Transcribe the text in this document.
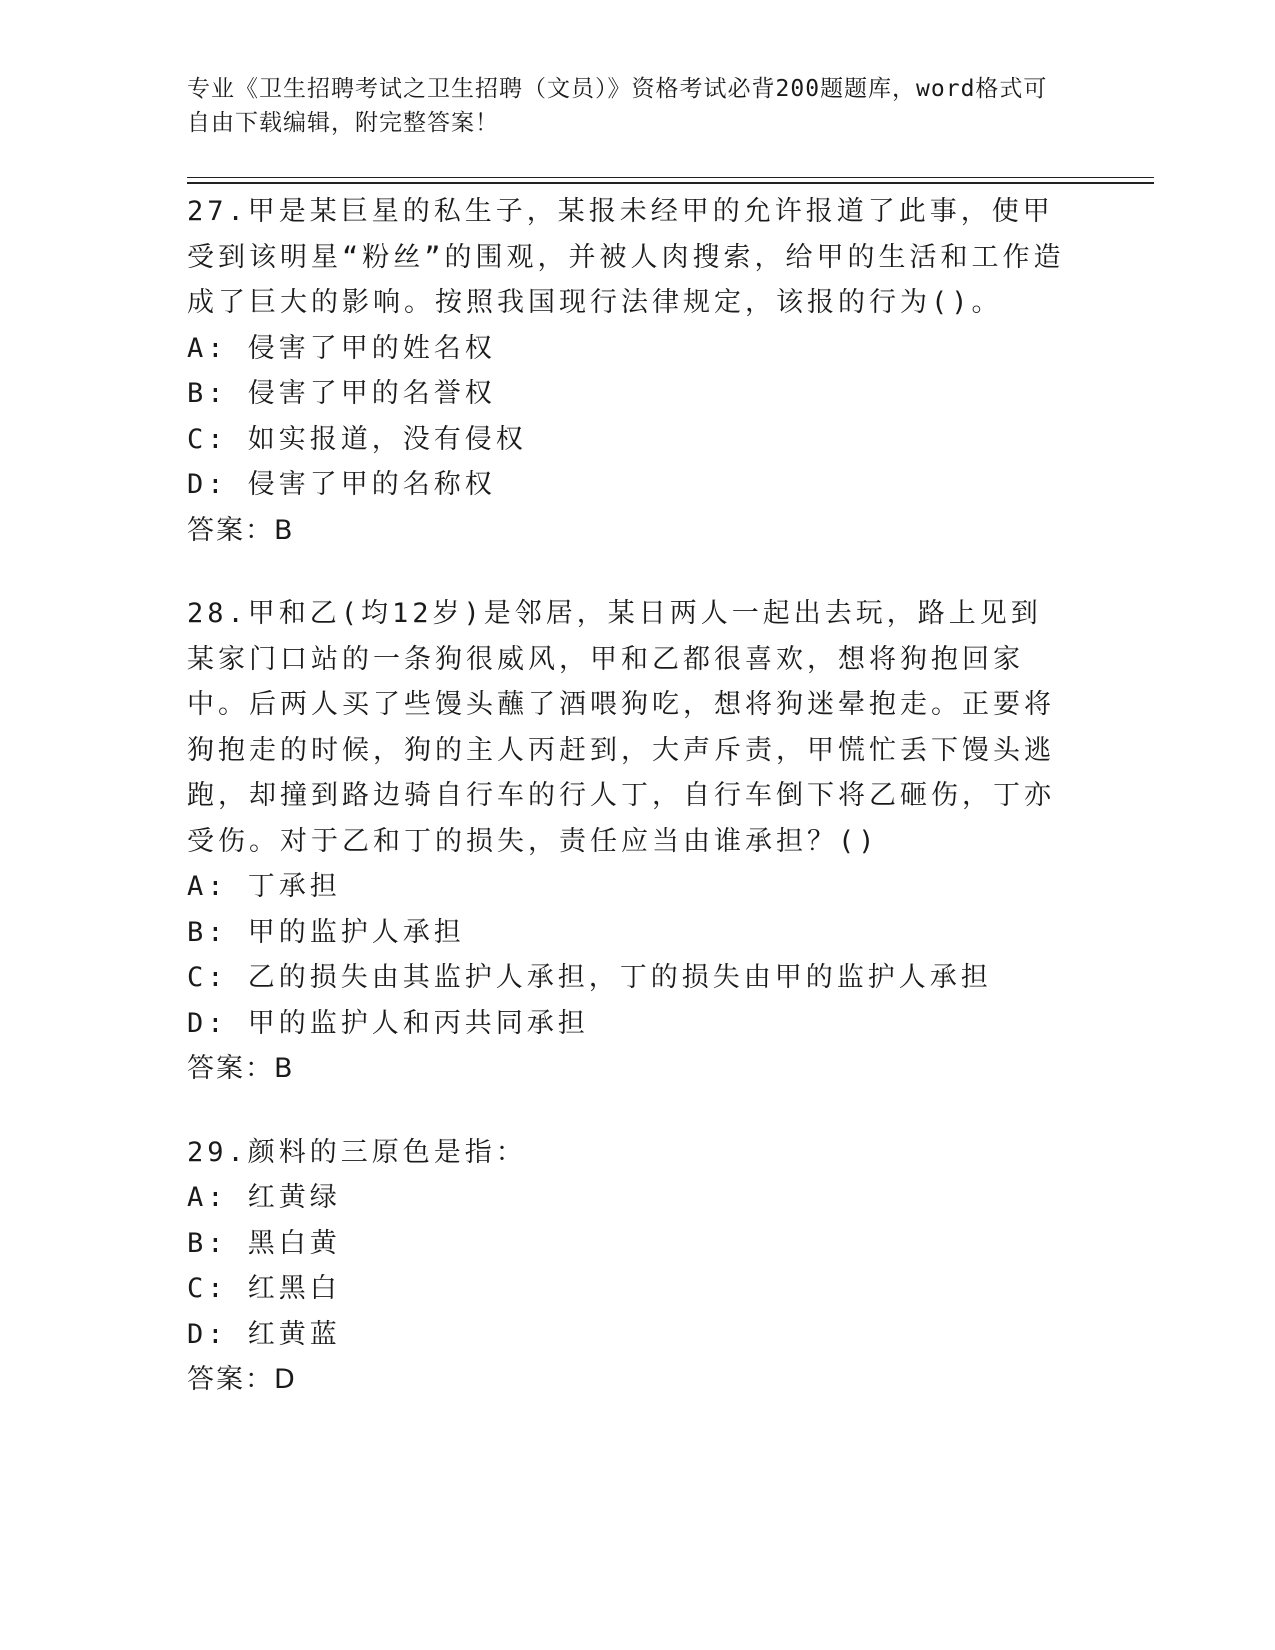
专业《卫生招聘考试之卫生招聘（文员）》资格考试必背200题题库，word格式可自由下载编辑，附完整答案！
27.甲是某巨星的私生子，某报未经甲的允许报道了此事，使甲受到该明星“粉丝”的围观，并被人肉搜索，给甲的生活和工作造成了巨大的影响。按照我国现行法律规定，该报的行为()。
A: 侵害了甲的姓名权
B: 侵害了甲的名誉权
C: 如实报道，没有侵权
D: 侵害了甲的名称权
答案：B
28.甲和乙(均12岁)是邻居，某日两人一起出去玩，路上见到某家门口站的一条狗很威风，甲和乙都很喜欢，想将狗抱回家中。后两人买了些馒头蘸了酒喂狗吃，想将狗迷晕抱走。正要将狗抱走的时候，狗的主人丙赶到，大声斥责，甲慌忙丢下馒头逃跑，却撞到路边骑自行车的行人丁，自行车倒下将乙砸伤，丁亦受伤。对于乙和丁的损失，责任应当由谁承担？()
A: 丁承担
B: 甲的监护人承担
C: 乙的损失由其监护人承担，丁的损失由甲的监护人承担
D: 甲的监护人和丙共同承担
答案：B
29.颜料的三原色是指：
A: 红黄绿
B: 黑白黄
C: 红黑白
D: 红黄蓝
答案：D
